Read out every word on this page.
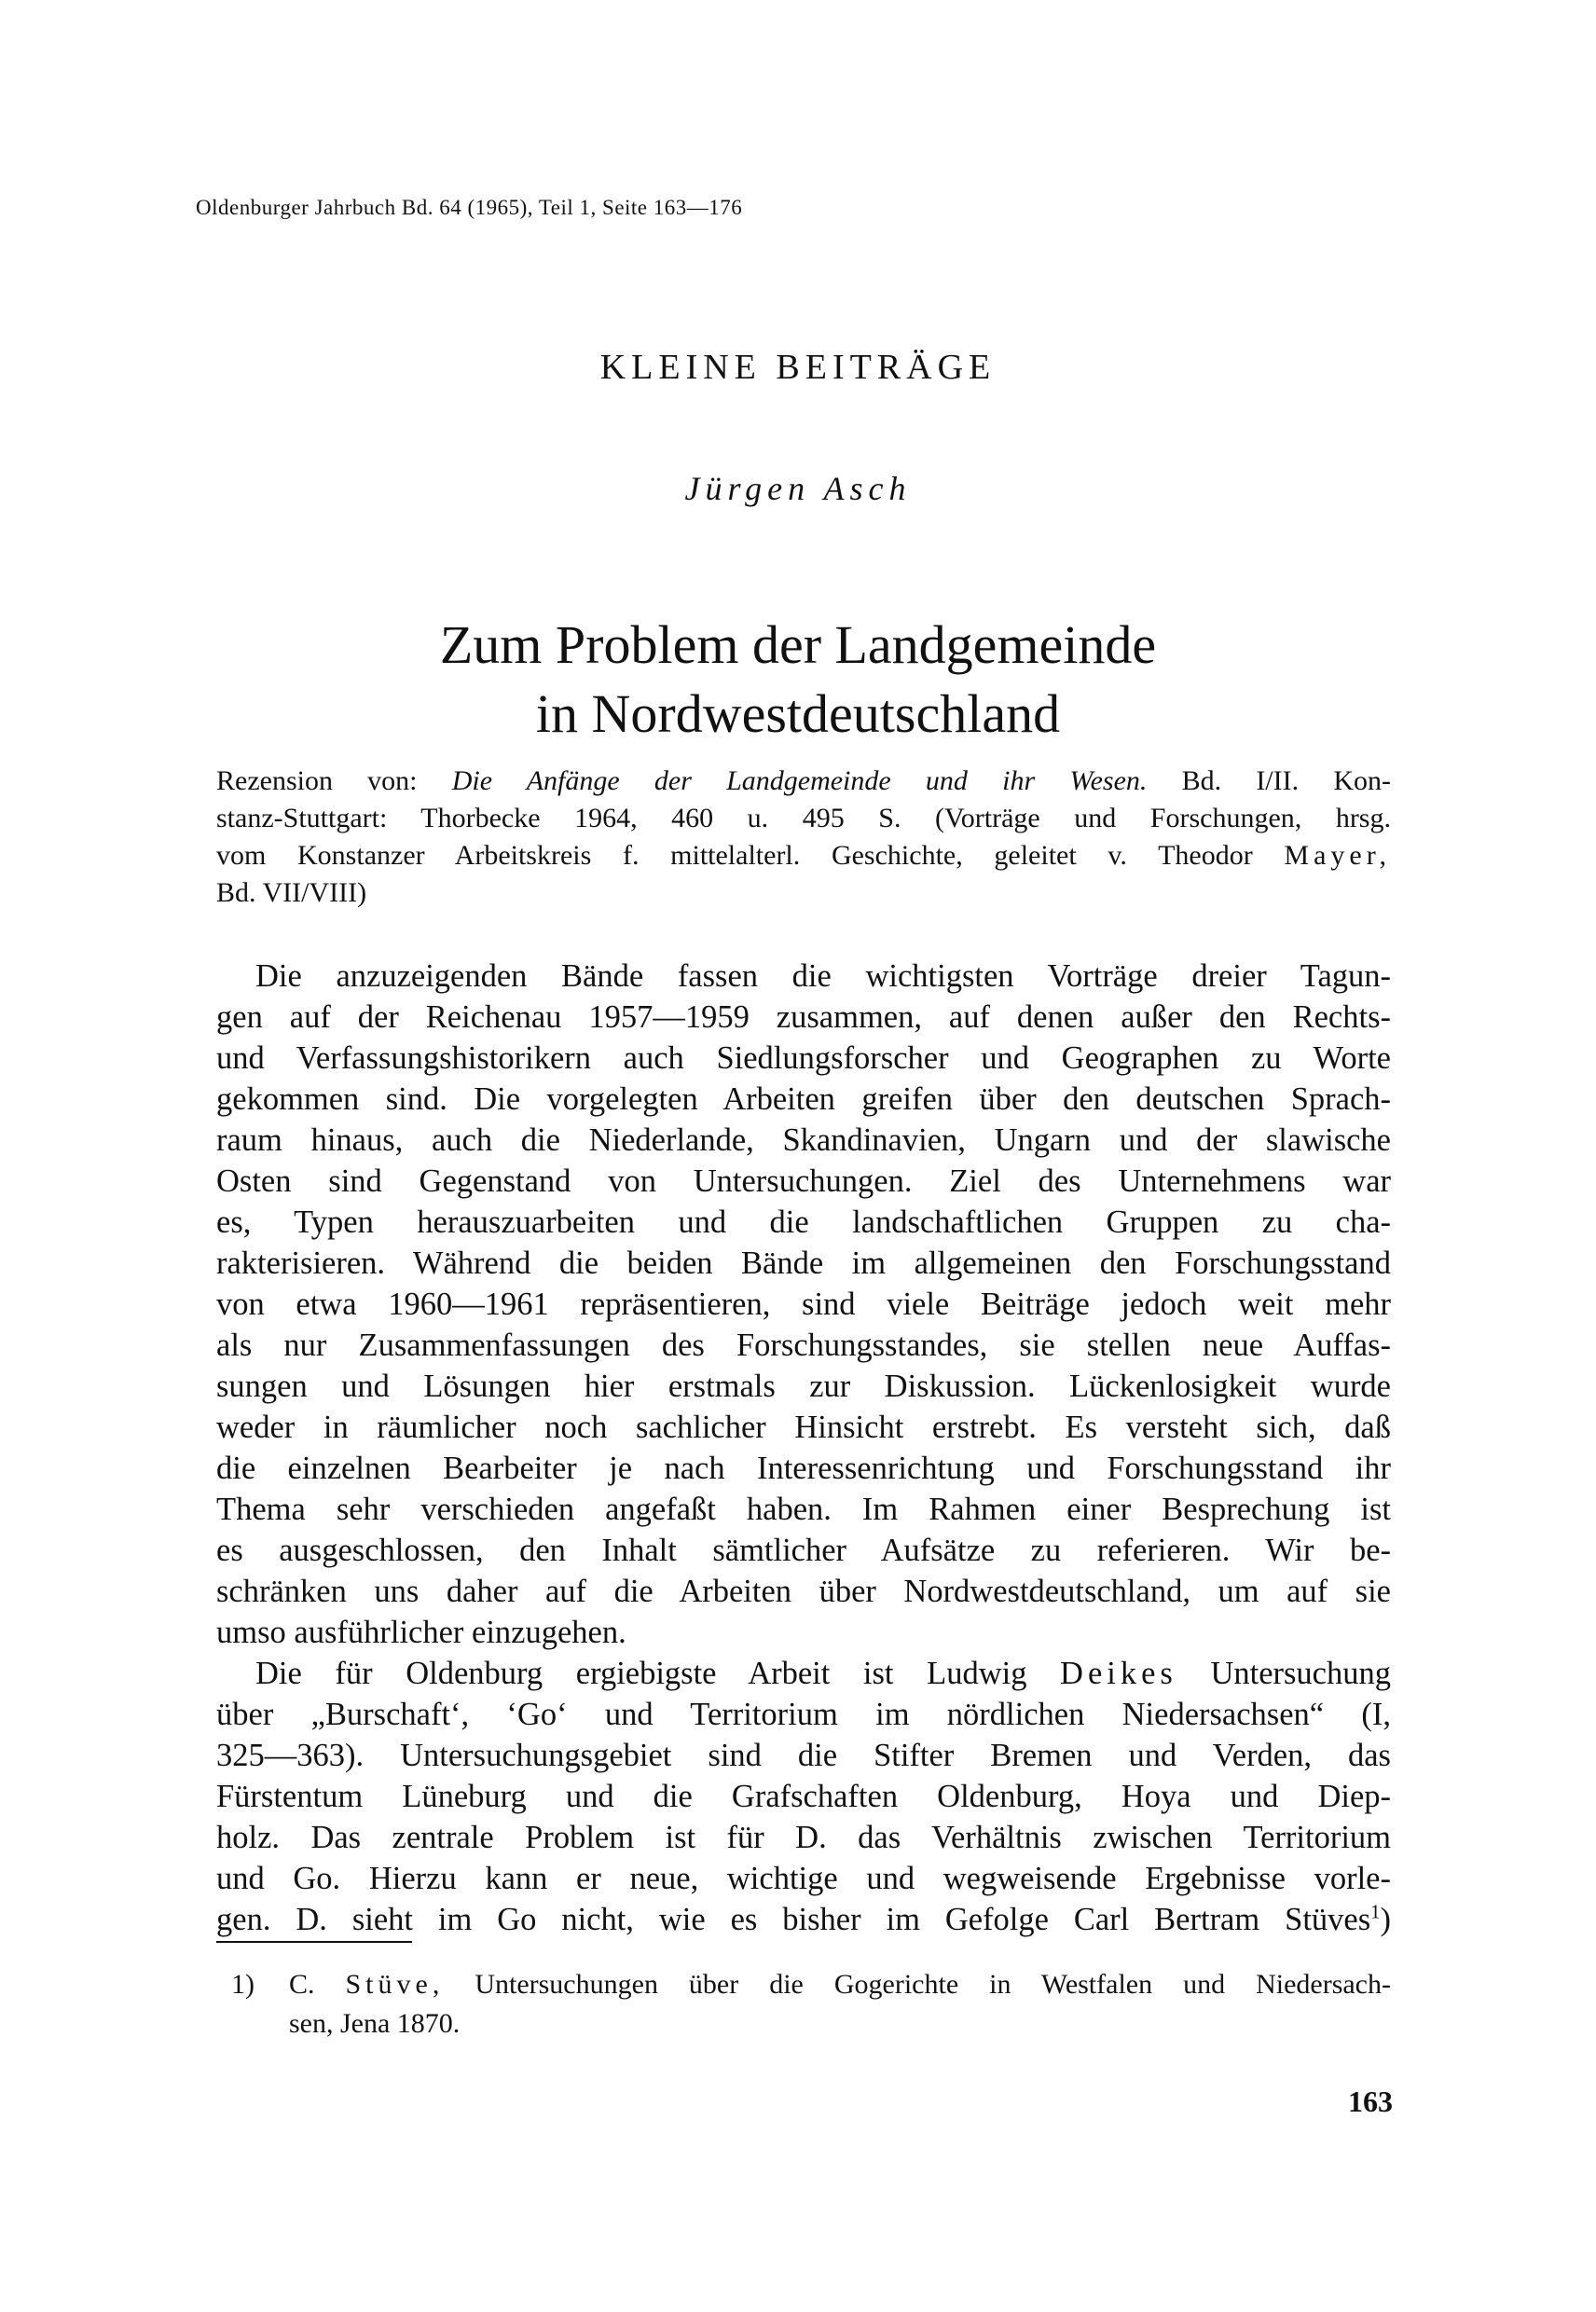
Oldenburger Jahrbuch Bd. 64 (1965), Teil 1, Seite 163—176
KLEINE BEITRÄGE
Jürgen Asch
Zum Problem der Landgemeinde
in Nordwestdeutschland
Rezension von: Die Anfänge der Landgemeinde und ihr Wesen. Bd. I/II. Kon-
stanz-Stuttgart: Thorbecke 1964, 460 u. 495 S. (Vorträge und Forschungen, hrsg.
vom Konstanzer Arbeitskreis f. mittelalterl. Geschichte, geleitet v. Theodor Mayer,
Bd. VII/VIII)
Die anzuzeigenden Bände fassen die wichtigsten Vorträge dreier Tagun-
gen auf der Reichenau 1957—1959 zusammen, auf denen außer den Rechts-
und Verfassungshistorikern auch Siedlungsforscher und Geographen zu Worte
gekommen sind. Die vorgelegten Arbeiten greifen über den deutschen Sprach-
raum hinaus, auch die Niederlande, Skandinavien, Ungarn und der slawische
Osten sind Gegenstand von Untersuchungen. Ziel des Unternehmens war
es, Typen herauszuarbeiten und die landschaftlichen Gruppen zu cha-
rakterisieren. Während die beiden Bände im allgemeinen den Forschungsstand
von etwa 1960—1961 repräsentieren, sind viele Beiträge jedoch weit mehr
als nur Zusammenfassungen des Forschungsstandes, sie stellen neue Auffas-
sungen und Lösungen hier erstmals zur Diskussion. Lückenlosigkeit wurde
weder in räumlicher noch sachlicher Hinsicht erstrebt. Es versteht sich, daß
die einzelnen Bearbeiter je nach Interessenrichtung und Forschungsstand ihr
Thema sehr verschieden angefaßt haben. Im Rahmen einer Besprechung ist
es ausgeschlossen, den Inhalt sämtlicher Aufsätze zu referieren. Wir be-
schränken uns daher auf die Arbeiten über Nordwestdeutschland, um auf sie
umso ausführlicher einzugehen.
Die für Oldenburg ergiebigste Arbeit ist Ludwig Deikes Untersuchung
über „Burschaft‘, ‘Go‘ und Territorium im nördlichen Niedersachsen“ (I,
325—363). Untersuchungsgebiet sind die Stifter Bremen und Verden, das
Fürstentum Lüneburg und die Grafschaften Oldenburg, Hoya und Diep-
holz. Das zentrale Problem ist für D. das Verhältnis zwischen Territorium
und Go. Hierzu kann er neue, wichtige und wegweisende Ergebnisse vorle-
gen. D. sieht im Go nicht, wie es bisher im Gefolge Carl Bertram Stüves$^1$)
1) C. Stüve, Untersuchungen über die Gogerichte in Westfalen und Niedersach-
sen, Jena 1870.
163
